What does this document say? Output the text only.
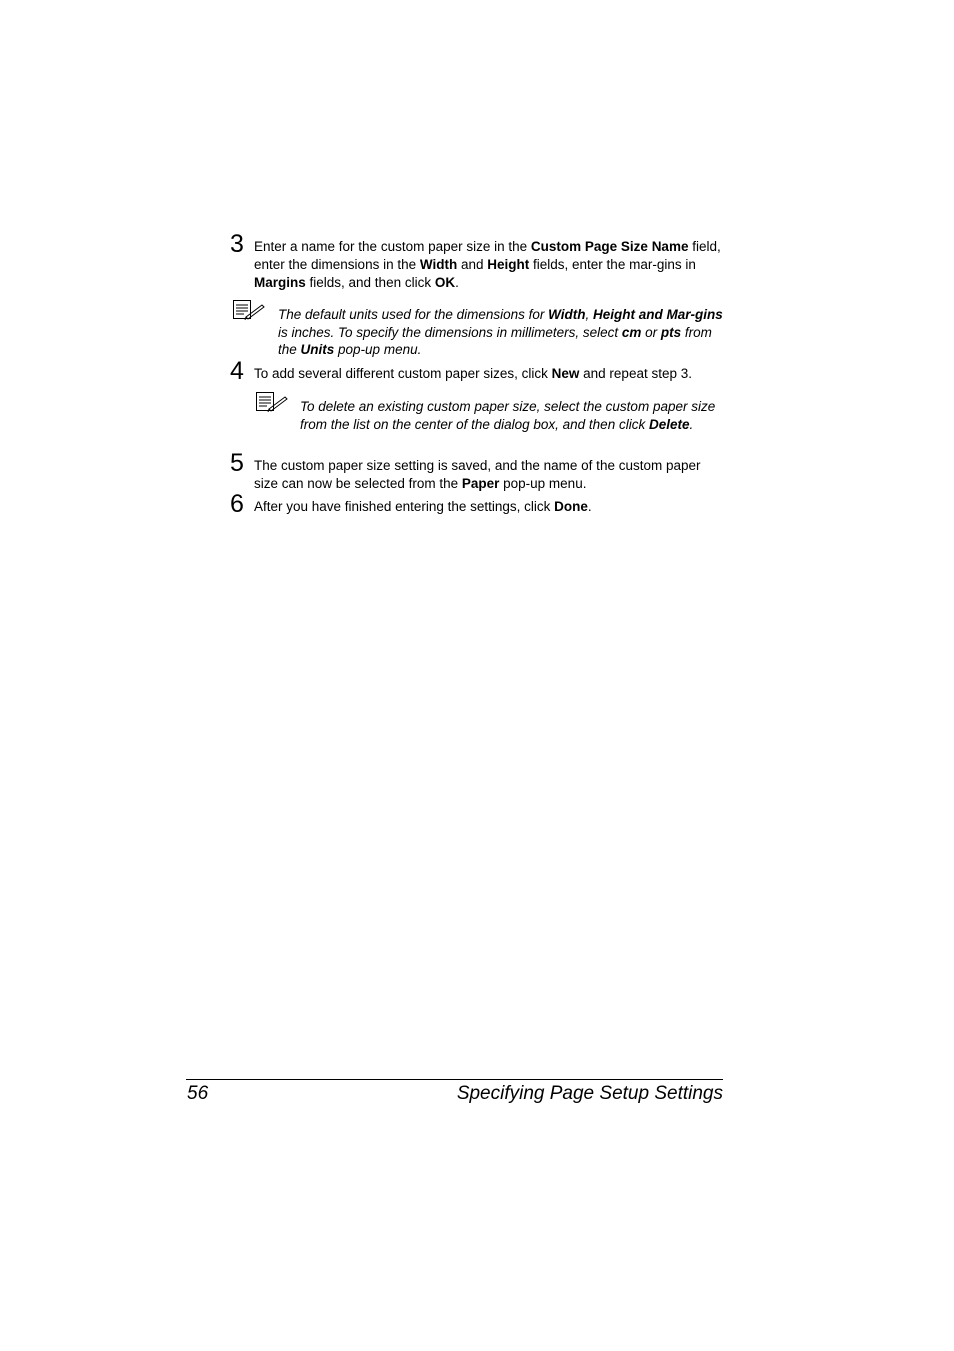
3 Enter a name for the custom paper size in the Custom Page Size Name field, enter the dimensions in the Width and Height fields, enter the mar-gins in Margins fields, and then click OK.
The default units used for the dimensions for Width, Height and Mar-gins is inches. To specify the dimensions in millimeters, select cm or pts from the Units pop-up menu.
4 To add several different custom paper sizes, click New and repeat step 3.
To delete an existing custom paper size, select the custom paper size from the list on the center of the dialog box, and then click Delete.
5 The custom paper size setting is saved, and the name of the custom paper size can now be selected from the Paper pop-up menu.
6 After you have finished entering the settings, click Done.
56	Specifying Page Setup Settings
